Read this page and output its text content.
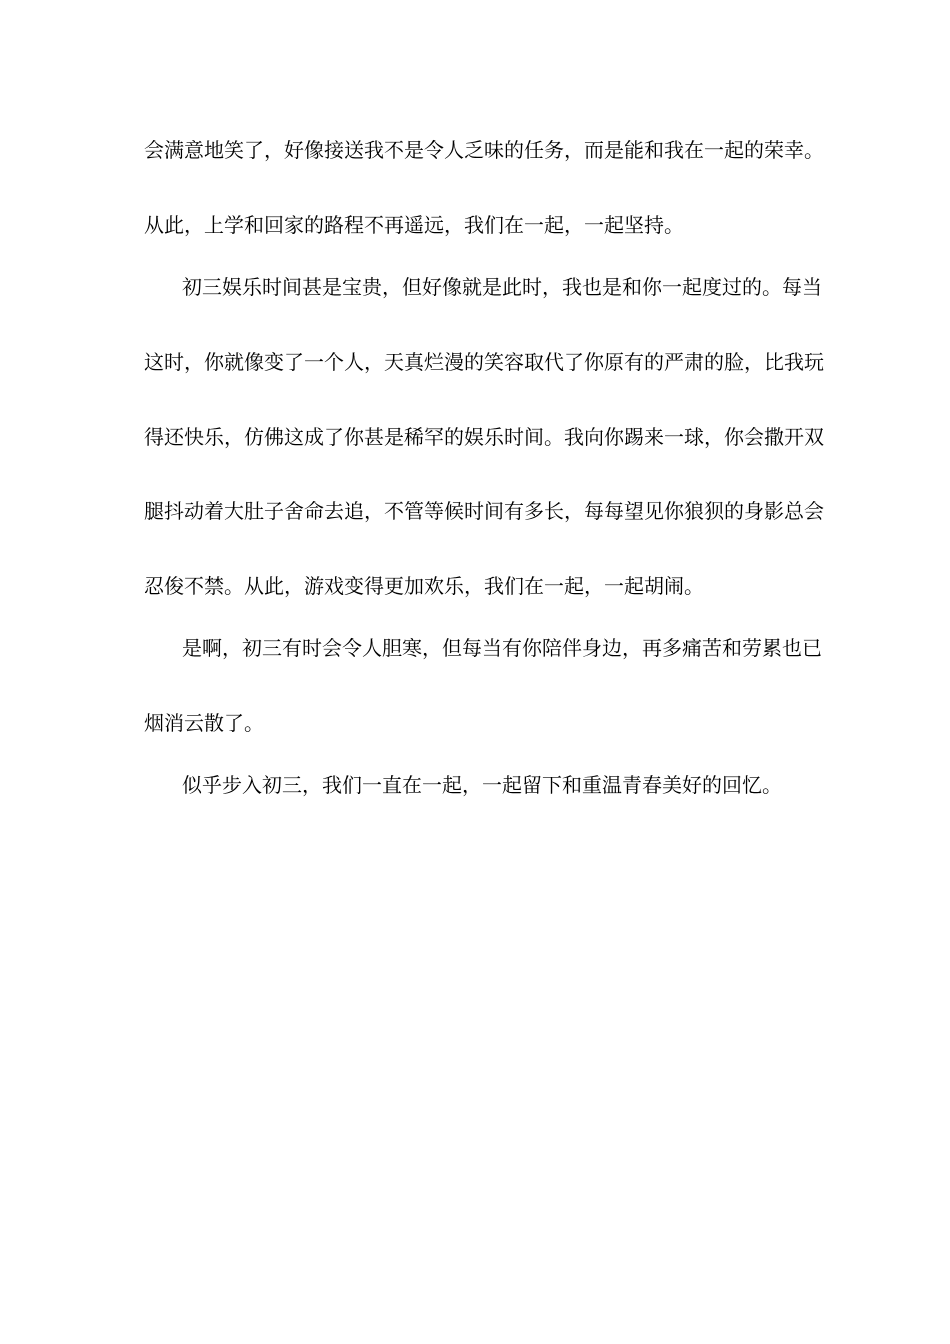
会满意地笑了，好像接送我不是令人乏味的任务，而是能和我在一起的荣幸。
从此，上学和回家的路程不再遥远，我们在一起，一起坚持。
初三娱乐时间甚是宝贵，但好像就是此时，我也是和你一起度过的。每当
这时，你就像变了一个人，天真烂漫的笑容取代了你原有的严肃的脸，比我玩
得还快乐，仿佛这成了你甚是稀罕的娱乐时间。我向你踢来一球，你会撒开双
腿抖动着大肚子舍命去追，不管等候时间有多长，每每望见你狼狈的身影总会
忍俊不禁。从此，游戏变得更加欢乐，我们在一起，一起胡闹。
是啊，初三有时会令人胆寒，但每当有你陪伴身边，再多痛苦和劳累也已
烟消云散了。
似乎步入初三，我们一直在一起，一起留下和重温青春美好的回忆。
